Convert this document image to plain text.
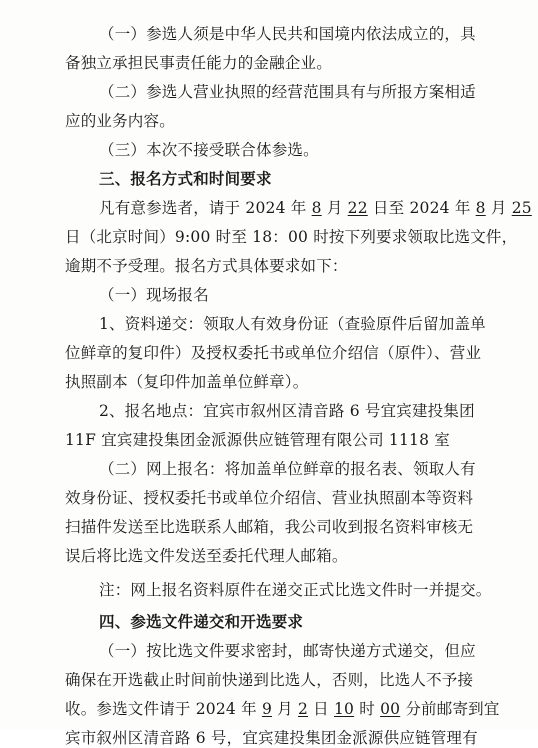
（一）参选人须是中华人民共和国境内依法成立的，具
备独立承担民事责任能力的金融企业。
（二）参选人营业执照的经营范围具有与所报方案相适
应的业务内容。
（三）本次不接受联合体参选。
三、报名方式和时间要求
凡有意参选者，请于 2024 年 8 月 22 日至 2024 年 8 月 25
日（北京时间）9:00 时至 18：00 时按下列要求领取比选文件，
逾期不予受理。报名方式具体要求如下：
（一）现场报名
1、资料递交：领取人有效身份证（查验原件后留加盖单
位鲜章的复印件）及授权委托书或单位介绍信（原件）、营业
执照副本（复印件加盖单位鲜章）。
2、报名地点：宜宾市叙州区清音路 6 号宜宾建投集团
11F 宜宾建投集团金派源供应链管理有限公司 1118 室
（二）网上报名：将加盖单位鲜章的报名表、领取人有
效身份证、授权委托书或单位介绍信、营业执照副本等资料
扫描件发送至比选联系人邮箱，我公司收到报名资料审核无
误后将比选文件发送至委托代理人邮箱。
注：网上报名资料原件在递交正式比选文件时一并提交。
四、参选文件递交和开选要求
（一）按比选文件要求密封，邮寄快递方式递交，但应
确保在开选截止时间前快递到比选人，否则，比选人不予接
收。参选文件请于 2024 年 9 月 2 日 10 时 00 分前邮寄到宜
宾市叙州区清音路 6 号，宜宾建投集团金派源供应链管理有
